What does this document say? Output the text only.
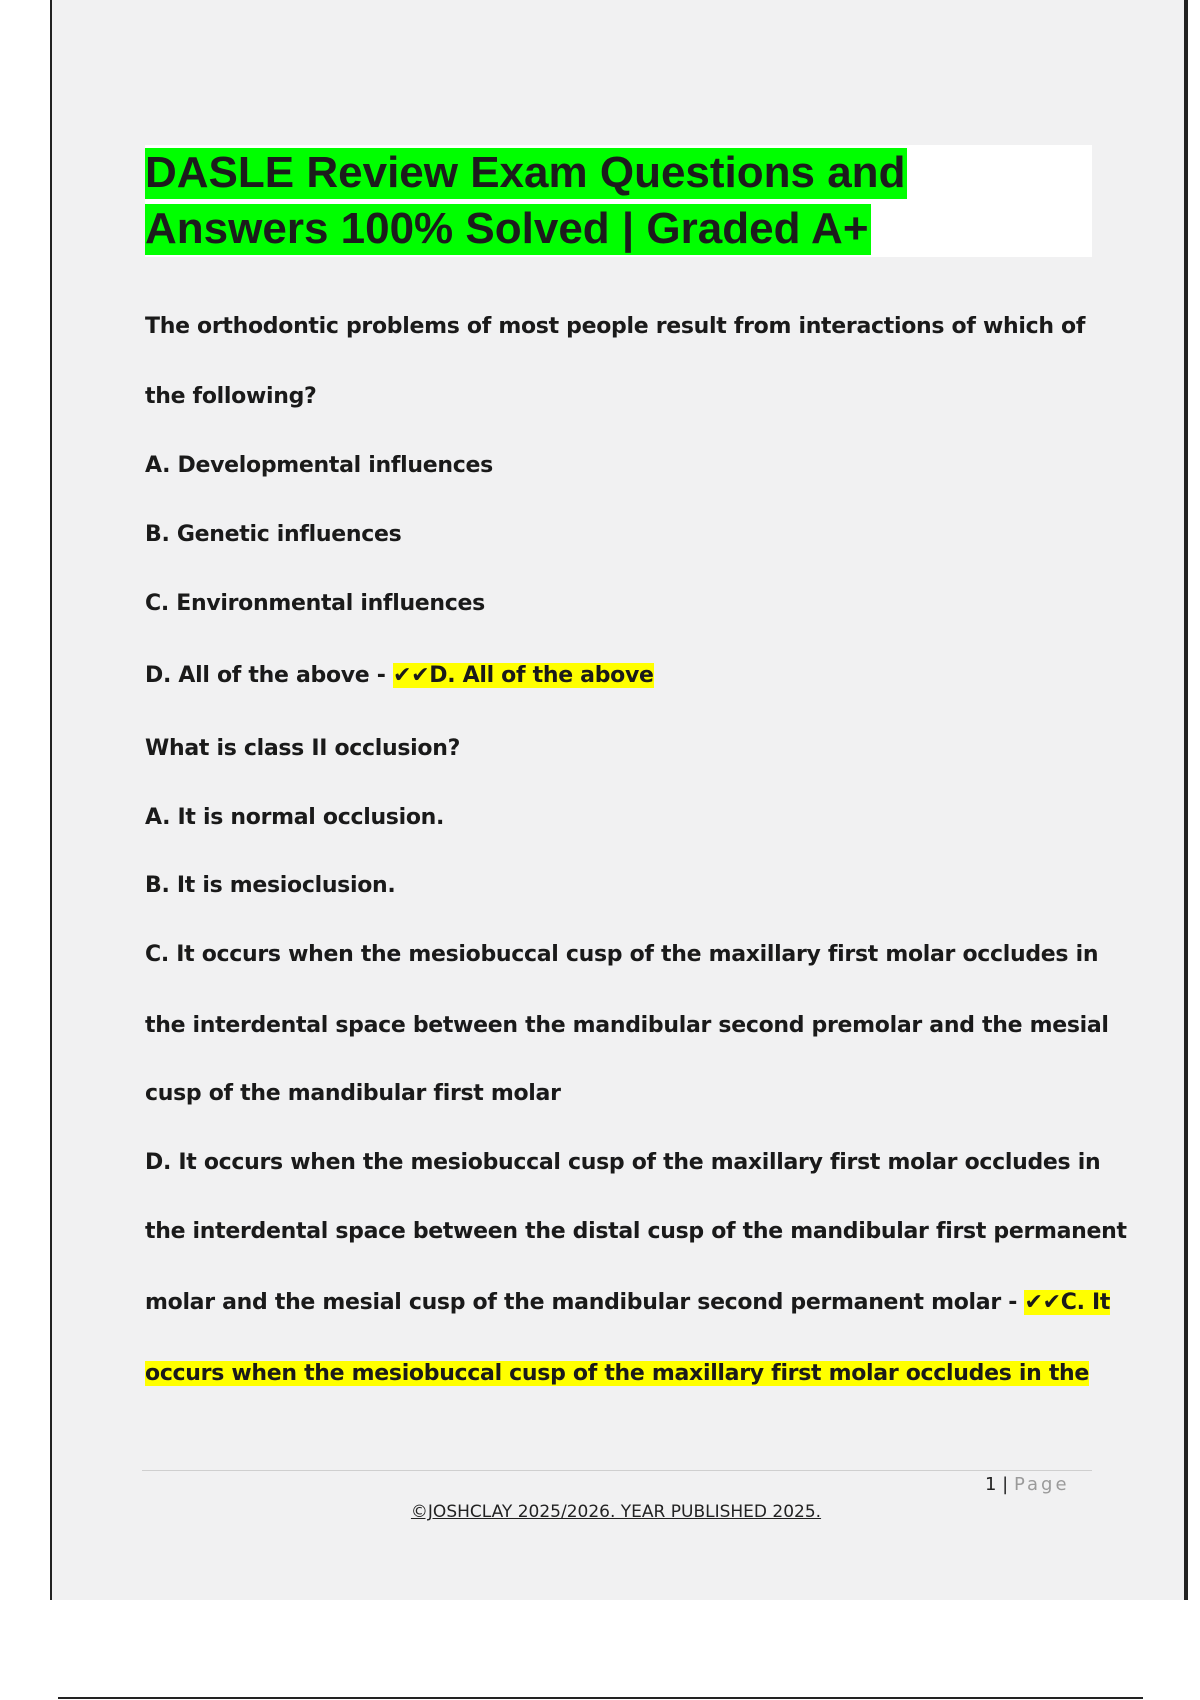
DASLE Review Exam Questions and
Answers 100% Solved | Graded A+

The orthodontic problems of most people result from interactions of which of

the following?

A. Developmental influences

B. Genetic influences

C. Environmental influences

D. All of the above - ✔✔D. All of the above

What is class II occlusion?

A. It is normal occlusion.

B. It is mesioclusion.

C. It occurs when the mesiobuccal cusp of the maxillary first molar occludes in

the interdental space between the mandibular second premolar and the mesial

cusp of the mandibular first molar

D. It occurs when the mesiobuccal cusp of the maxillary first molar occludes in

the interdental space between the distal cusp of the mandibular first permanent

molar and the mesial cusp of the mandibular second permanent molar - ✔✔C. It

occurs when the mesiobuccal cusp of the maxillary first molar occludes in the

1 | Page
©JOSHCLAY 2025/2026. YEAR PUBLISHED 2025.
